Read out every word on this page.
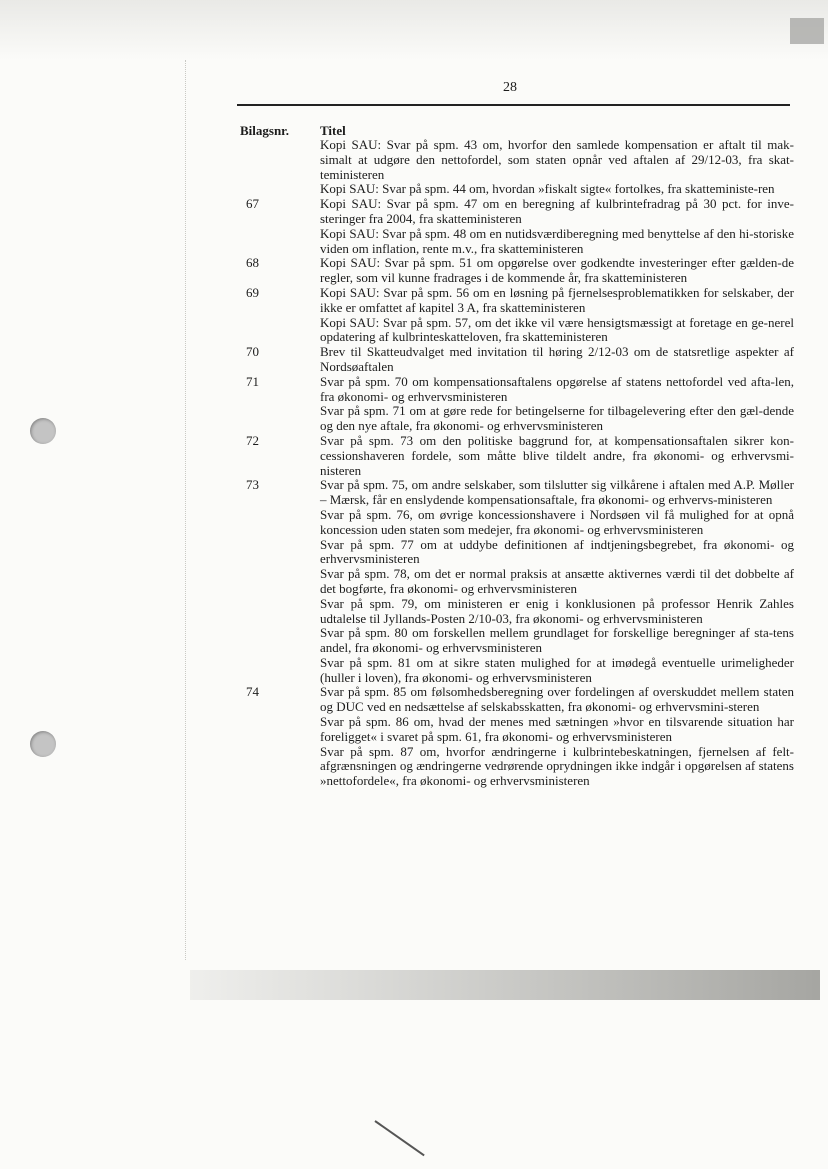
28
Bilagsnr. Titel
Kopi SAU: Svar på spm. 43 om, hvorfor den samlede kompensation er aftalt til mak-simalt at udgøre den nettofordel, som staten opnår ved aftalen af 29/12-03, fra skat-teministeren
Kopi SAU: Svar på spm. 44 om, hvordan »fiskalt sigte« fortolkes, fra skatteministe-ren
67	Kopi SAU: Svar på spm. 47 om en beregning af kulbrintefradrag på 30 pct. for inve-steringer fra 2004, fra skatteministeren
Kopi SAU: Svar på spm. 48 om en nutidsværdiberegning med benyttelse af den hi-storiske viden om inflation, rente m.v., fra skatteministeren
68	Kopi SAU: Svar på spm. 51 om opgørelse over godkendte investeringer efter gælden-de regler, som vil kunne fradrages i de kommende år, fra skatteministeren
69	Kopi SAU: Svar på spm. 56 om en løsning på fjernelsesproblematikken for selskaber, der ikke er omfattet af kapitel 3 A, fra skatteministeren
Kopi SAU: Svar på spm. 57, om det ikke vil være hensigtsmæssigt at foretage en ge-nerel opdatering af kulbrinteskatteloven, fra skatteministeren
70	Brev til Skatteudvalget med invitation til høring 2/12-03 om de statsretlige aspekter af Nordsøaftalen
71	Svar på spm. 70 om kompensationsaftalens opgørelse af statens nettofordel ved afta-len, fra økonomi- og erhvervsministeren
Svar på spm. 71 om at gøre rede for betingelserne for tilbagelevering efter den gæl-dende og den nye aftale, fra økonomi- og erhvervsministeren
72	Svar på spm. 73 om den politiske baggrund for, at kompensationsaftalen sikrer kon-cessionshaveren fordele, som måtte blive tildelt andre, fra økonomi- og erhvervsmi-nisteren
73	Svar på spm. 75, om andre selskaber, som tilslutter sig vilkårene i aftalen med A.P. Møller – Mærsk, får en enslydende kompensationsaftale, fra økonomi- og erhvervs-ministeren
Svar på spm. 76, om øvrige koncessionshavere i Nordsøen vil få mulighed for at opnå koncession uden staten som medejer, fra økonomi- og erhvervsministeren
Svar på spm. 77 om at uddybe definitionen af indtjeningsbegrebet, fra økonomi- og erhvervsministeren
Svar på spm. 78, om det er normal praksis at ansætte aktivernes værdi til det dobbelte af det bogførte, fra økonomi- og erhvervsministeren
Svar på spm. 79, om ministeren er enig i konklusionen på professor Henrik Zahles udtalelse til Jyllands-Posten 2/10-03, fra økonomi- og erhvervsministeren
Svar på spm. 80 om forskellen mellem grundlaget for forskellige beregninger af sta-tens andel, fra økonomi- og erhvervsministeren
Svar på spm. 81 om at sikre staten mulighed for at imødegå eventuelle urimeligheder (huller i loven), fra økonomi- og erhvervsministeren
74	Svar på spm. 85 om følsomhedsberegning over fordelingen af overskuddet mellem staten og DUC ved en nedsættelse af selskabsskatten, fra økonomi- og erhvervsmini-steren
Svar på spm. 86 om, hvad der menes med sætningen »hvor en tilsvarende situation har foreligget« i svaret på spm. 61, fra økonomi- og erhvervsministeren
Svar på spm. 87 om, hvorfor ændringerne i kulbrintebeskatningen, fjernelsen af felt-afgrænsningen og ændringerne vedrørende oprydningen ikke indgår i opgørelsen af statens »nettofordele«, fra økonomi- og erhvervsministeren
